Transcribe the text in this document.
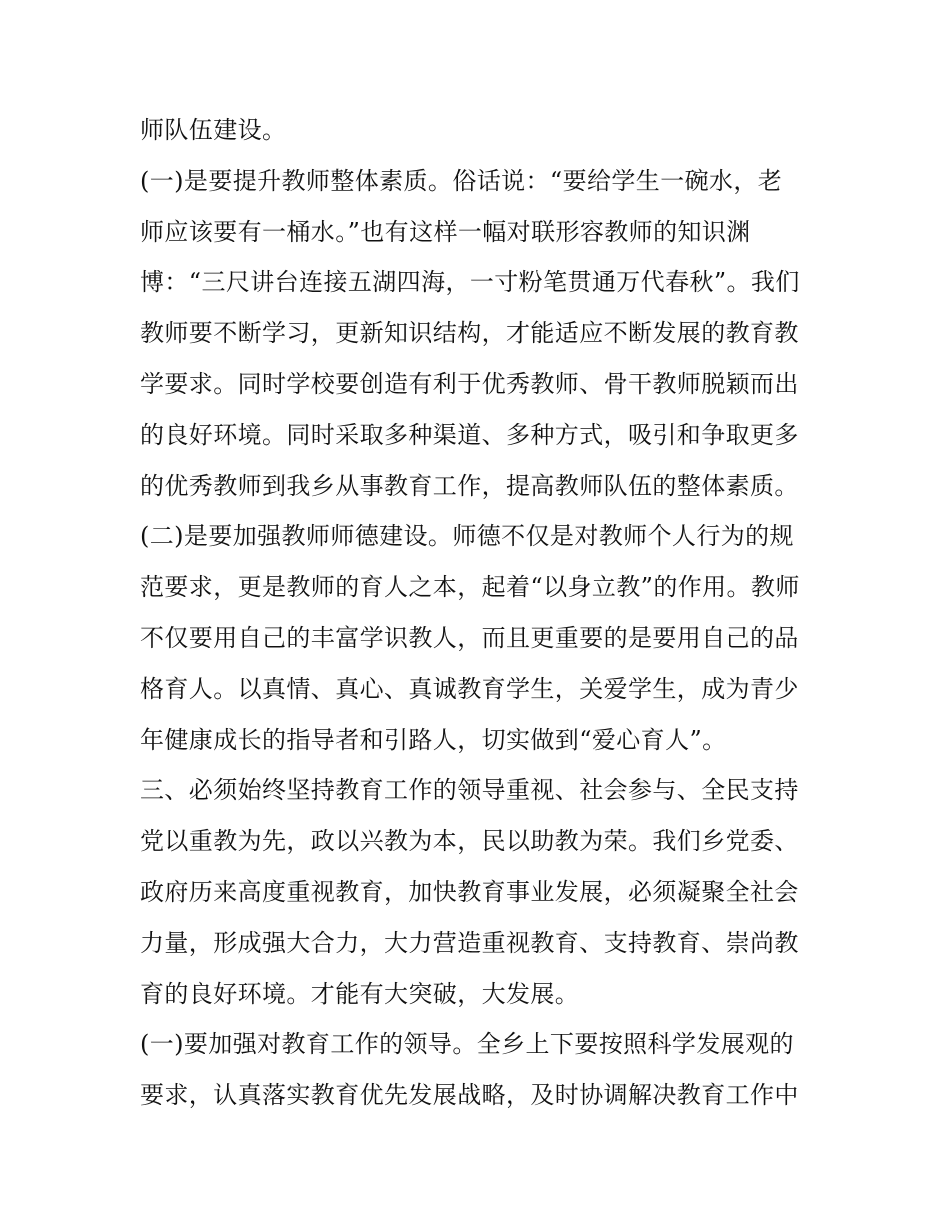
师队伍建设。
(一)是要提升教师整体素质。俗话说：“要给学生一碗水，老
师应该要有一桶水。”也有这样一幅对联形容教师的知识渊
博：“三尺讲台连接五湖四海，一寸粉笔贯通万代春秋”。我们
教师要不断学习，更新知识结构，才能适应不断发展的教育教
学要求。同时学校要创造有利于优秀教师、骨干教师脱颖而出
的良好环境。同时采取多种渠道、多种方式，吸引和争取更多
的优秀教师到我乡从事教育工作，提高教师队伍的整体素质。
(二)是要加强教师师德建设。师德不仅是对教师个人行为的规
范要求，更是教师的育人之本，起着“以身立教”的作用。教师
不仅要用自己的丰富学识教人，而且更重要的是要用自己的品
格育人。以真情、真心、真诚教育学生，关爱学生，成为青少
年健康成长的指导者和引路人，切实做到“爱心育人”。
三、必须始终坚持教育工作的领导重视、社会参与、全民支持
党以重教为先，政以兴教为本，民以助教为荣。我们乡党委、
政府历来高度重视教育，加快教育事业发展，必须凝聚全社会
力量，形成强大合力，大力营造重视教育、支持教育、崇尚教
育的良好环境。才能有大突破，大发展。
(一)要加强对教育工作的领导。全乡上下要按照科学发展观的
要求，认真落实教育优先发展战略，及时协调解决教育工作中
